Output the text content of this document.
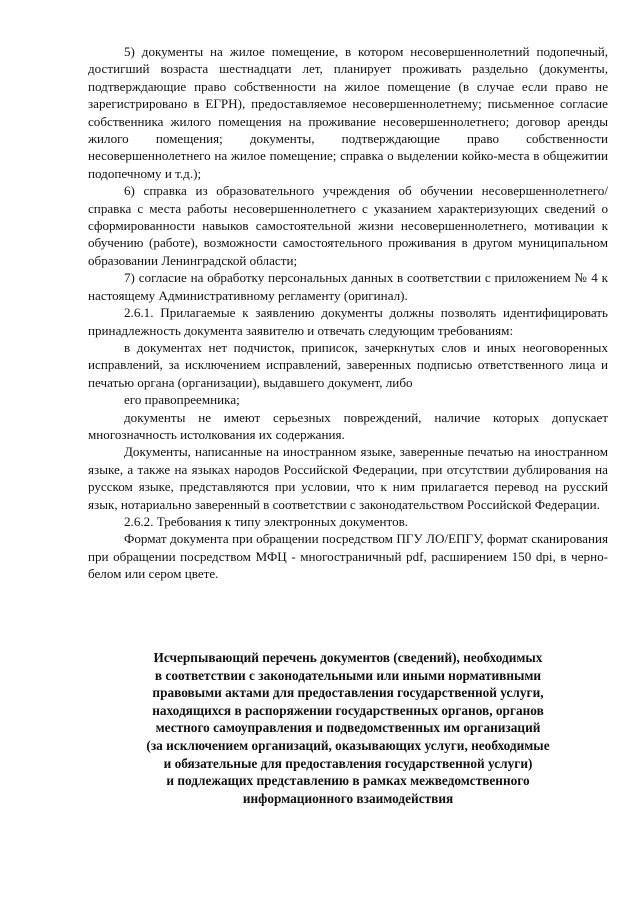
5) документы на жилое помещение, в котором несовершеннолетний подопечный, достигший возраста шестнадцати лет, планирует проживать раздельно (документы, подтверждающие право собственности на жилое помещение (в случае если право не зарегистрировано в ЕГРН), предоставляемое несовершеннолетнему; письменное согласие собственника жилого помещения на проживание несовершеннолетнего; договор аренды жилого помещения; документы, подтверждающие право собственности несовершеннолетнего на жилое помещение; справка о выделении койко-места в общежитии подопечному и т.д.);

6) справка из образовательного учреждения об обучении несовершеннолетнего/справка с места работы несовершеннолетнего с указанием характеризующих сведений о сформированности навыков самостоятельной жизни несовершеннолетнего, мотивации к обучению (работе), возможности самостоятельного проживания в другом муниципальном образовании Ленинградской области;

7) согласие на обработку персональных данных в соответствии с приложением № 4 к настоящему Административному регламенту (оригинал).

2.6.1. Прилагаемые к заявлению документы должны позволять идентифицировать принадлежность документа заявителю и отвечать следующим требованиям:

в документах нет подчисток, приписок, зачеркнутых слов и иных неоговоренных исправлений, за исключением исправлений, заверенных подписью ответственного лица и печатью органа (организации), выдавшего документ, либо

его правопреемника;

документы не имеют серьезных повреждений, наличие которых допускает многозначность истолкования их содержания.

Документы, написанные на иностранном языке, заверенные печатью на иностранном языке, а также на языках народов Российской Федерации, при отсутствии дублирования на русском языке, представляются при условии, что к ним прилагается перевод на русский язык, нотариально заверенный в соответствии с законодательством Российской Федерации.

2.6.2. Требования к типу электронных документов.

Формат документа при обращении посредством ПГУ ЛО/ЕПГУ, формат сканирования при обращении посредством МФЦ - многостраничный pdf, расширением 150 dpi, в черно-белом или сером цвете.

Исчерпывающий перечень документов (сведений), необходимых
в соответствии с законодательными или иными нормативными
правовыми актами для предоставления государственной услуги,
находящихся в распоряжении государственных органов, органов
местного самоуправления и подведомственных им организаций
(за исключением организаций, оказывающих услуги, необходимые
и обязательные для предоставления государственной услуги)
и подлежащих представлению в рамках межведомственного
информационного взаимодействия
